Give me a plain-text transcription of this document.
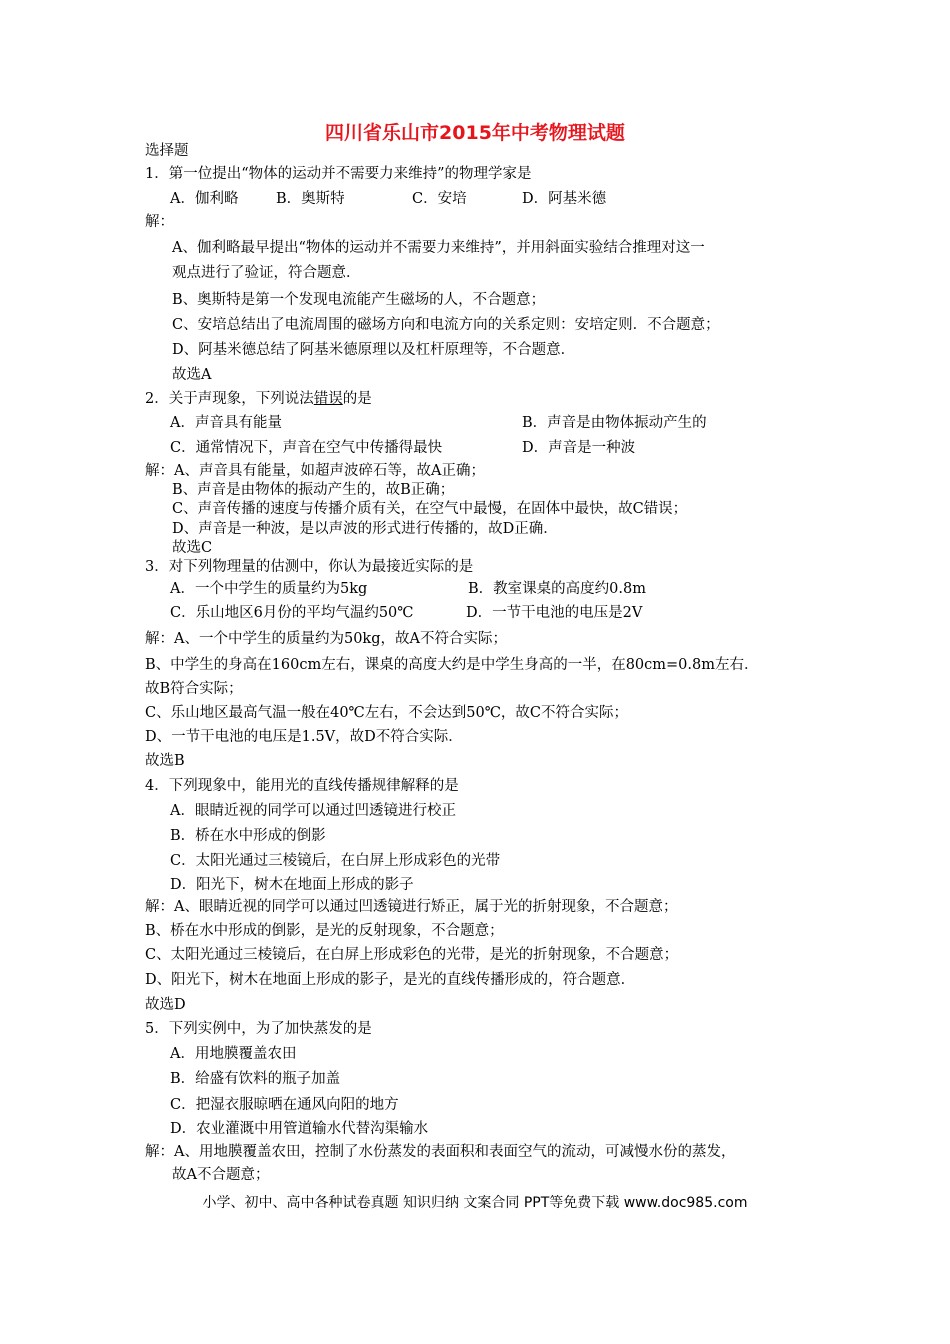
四川省乐山市2015年中考物理试题
选择题
1．第一位提出“物体的运动并不需要力来维持”的物理学家是
A．伽利略	B．奥斯特	C．安培	D．阿基米德
解：
A、伽利略最早提出“物体的运动并不需要力来维持”，并用斜面实验结合推理对这一
观点进行了验证，符合题意．
B、奥斯特是第一个发现电流能产生磁场的人，不合题意；
C、安培总结出了电流周围的磁场方向和电流方向的关系定则：安培定则．不合题意；
D、阿基米德总结了阿基米德原理以及杠杆原理等，不合题意．
故选A
2．关于声现象，下列说法错误的是
A．声音具有能量	B．声音是由物体振动产生的
C．通常情况下，声音在空气中传播得最快	D．声音是一种波
解：A、声音具有能量，如超声波碎石等，故A正确；
B、声音是由物体的振动产生的，故B正确；
C、声音传播的速度与传播介质有关，在空气中最慢，在固体中最快，故C错误；
D、声音是一种波，是以声波的形式进行传播的，故D正确．
故选C
3．对下列物理量的估测中，你认为最接近实际的是
A．一个中学生的质量约为5kg	B．教室课桌的高度约0.8m
C．乐山地区6月份的平均气温约50℃	D．一节干电池的电压是2V
解：A、一个中学生的质量约为50kg，故A不符合实际；
B、中学生的身高在160cm左右，课桌的高度大约是中学生身高的一半，在80cm=0.8m左右．
故B符合实际；
C、乐山地区最高气温一般在40℃左右，不会达到50℃，故C不符合实际；
D、一节干电池的电压是1.5V，故D不符合实际．
故选B
4．下列现象中，能用光的直线传播规律解释的是
A．眼睛近视的同学可以通过凹透镜进行校正
B．桥在水中形成的倒影
C．太阳光通过三棱镜后，在白屏上形成彩色的光带
D．阳光下，树木在地面上形成的影子
解：A、眼睛近视的同学可以通过凹透镜进行矫正，属于光的折射现象，不合题意；
B、桥在水中形成的倒影，是光的反射现象，不合题意；
C、太阳光通过三棱镜后，在白屏上形成彩色的光带，是光的折射现象，不合题意；
D、阳光下，树木在地面上形成的影子，是光的直线传播形成的，符合题意．
故选D
5．下列实例中，为了加快蒸发的是
A．用地膜覆盖农田
B．给盛有饮料的瓶子加盖
C．把湿衣服晾晒在通风向阳的地方
D．农业灌溉中用管道输水代替沟渠输水
解：A、用地膜覆盖农田，控制了水份蒸发的表面积和表面空气的流动，可减慢水份的蒸发，
故A不合题意；
小学、初中、高中各种试卷真题 知识归纳 文案合同 PPT等免费下载 www.doc985.com
